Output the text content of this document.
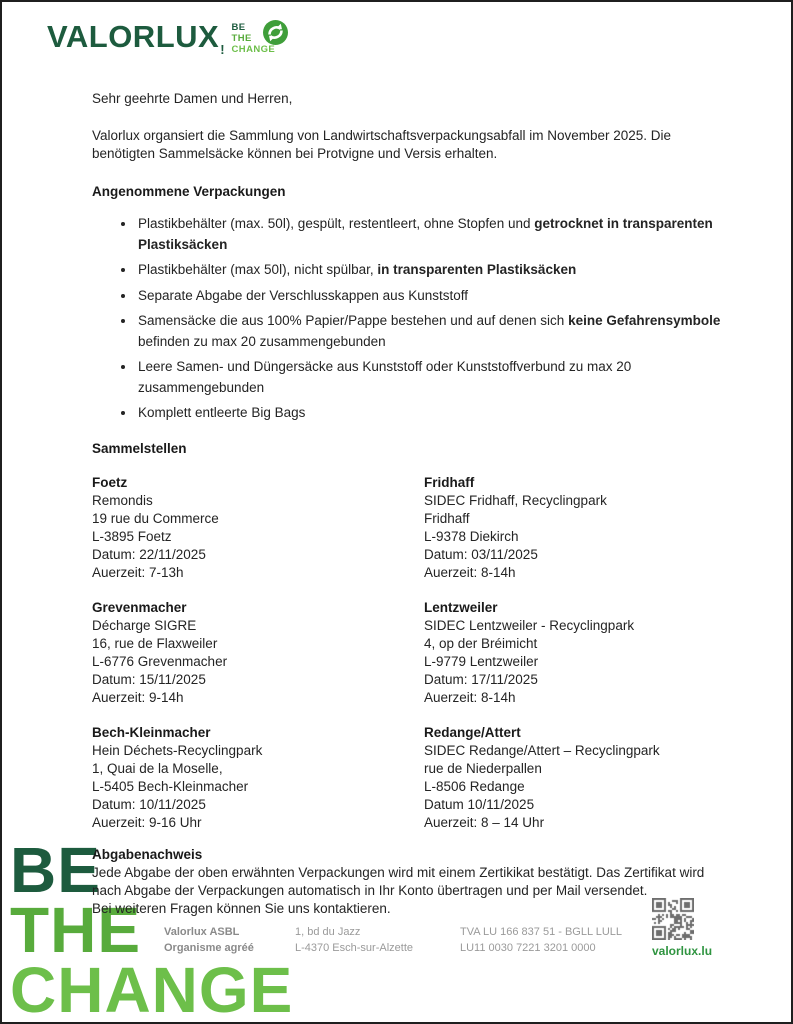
VALORLUX !
BE
THE
CHANGE

Sehr geehrte Damen und Herren,

Valorlux organsiert die Sammlung von Landwirtschaftsverpackungsabfall im November 2025. Die benötigten Sammelsäcke können bei Protvigne und Versis erhalten.

Angenommene Verpackungen

• Plastikbehälter (max. 50l), gespült, restentleert, ohne Stopfen und getrocknet in transparenten Plastiksäcken
• Plastikbehälter (max 50l), nicht spülbar, in transparenten Plastiksäcken
• Separate Abgabe der Verschlusskappen aus Kunststoff
• Samensäcke die aus 100% Papier/Pappe bestehen und auf denen sich keine Gefahrensymbole befinden zu max 20 zusammengebunden
• Leere Samen- und Düngersäcke aus Kunststoff oder Kunststoffverbund zu max 20 zusammengebunden
• Komplett entleerte Big Bags

Sammelstellen

Foetz
Remondis
19 rue du Commerce
L-3895 Foetz
Datum: 22/11/2025
Auerzeit: 7-13h
Fridhaff
SIDEC Fridhaff, Recyclingpark
Fridhaff
L-9378 Diekirch
Datum: 03/11/2025
Auerzeit: 8-14h
Grevenmacher
Décharge SIGRE
16, rue de Flaxweiler
L-6776 Grevenmacher
Datum: 15/11/2025
Auerzeit: 9-14h
Lentzweiler
SIDEC Lentzweiler - Recyclingpark
4, op der Bréimicht
L-9779 Lentzweiler
Datum: 17/11/2025
Auerzeit: 8-14h
Bech-Kleinmacher
Hein Déchets-Recyclingpark
1, Quai de la Moselle,
L-5405 Bech-Kleinmacher
Datum: 10/11/2025
Auerzeit: 9-16 Uhr
Redange/Attert
SIDEC Redange/Attert – Recyclingpark
rue de Niederpallen
L-8506 Redange
Datum 10/11/2025
Auerzeit: 8 – 14 Uhr

Abgabenachweis

Jede Abgabe der oben erwähnten Verpackungen wird mit einem Zertikikat bestätigt. Das Zertifikat wird nach Abgabe der Verpackungen automatisch in Ihr Konto übertragen und per Mail versendet.

Bei weiteren Fragen können Sie uns kontaktieren.

BE
THE
CHANGE
Valorlux ASBL
Organisme agréé
1, bd du Jazz
L-4370 Esch-sur-Alzette
TVA LU 166 837 51 - BGLL LULL
LU11 0030 7221 3201 0000	valorlux.lu
